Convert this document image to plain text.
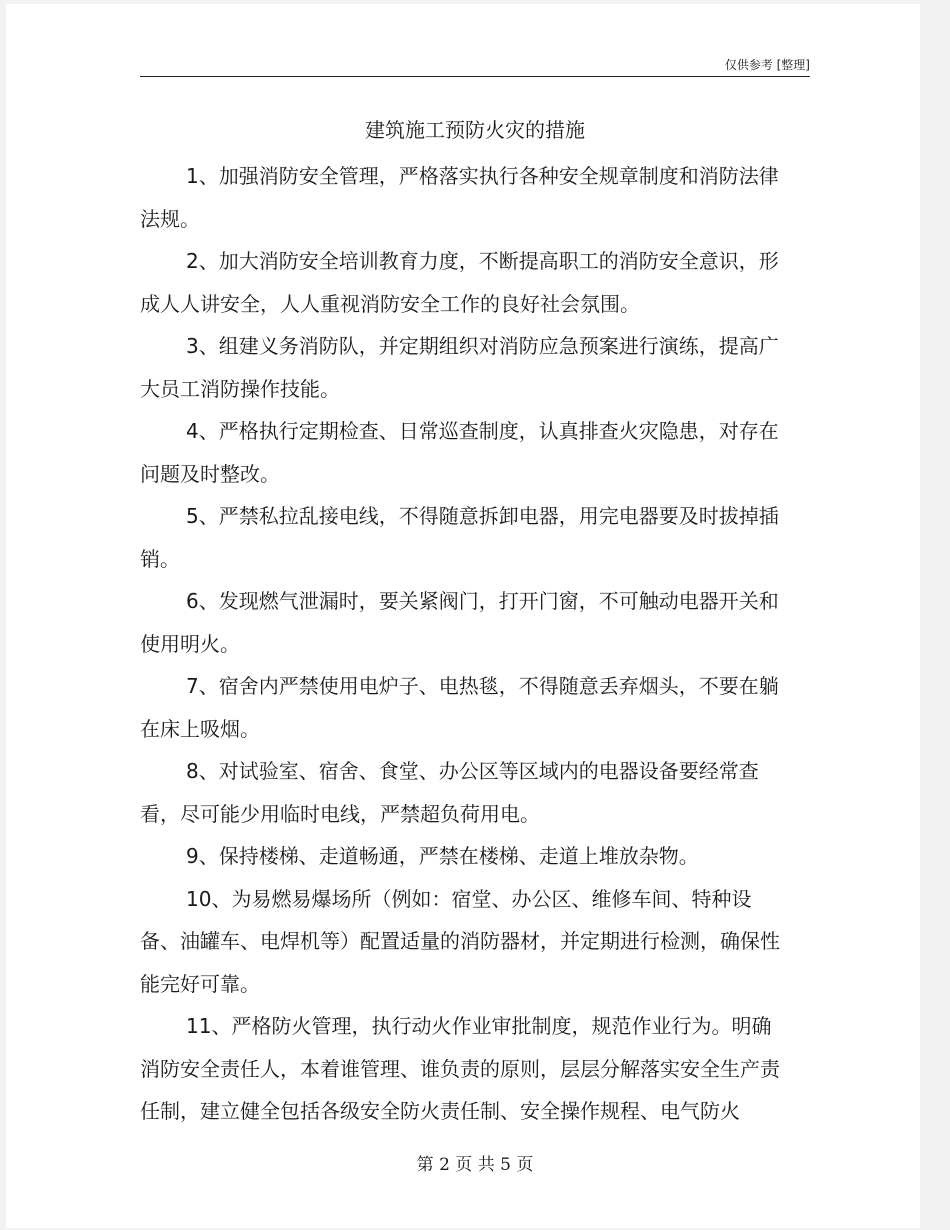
仅供参考 [整理]
建筑施工预防火灾的措施

1、加强消防安全管理，严格落实执行各种安全规章制度和消防法律法规。

2、加大消防安全培训教育力度，不断提高职工的消防安全意识，形成人人讲安全，人人重视消防安全工作的良好社会氛围。

3、组建义务消防队，并定期组织对消防应急预案进行演练，提高广大员工消防操作技能。

4、严格执行定期检查、日常巡查制度，认真排查火灾隐患，对存在问题及时整改。

5、严禁私拉乱接电线，不得随意拆卸电器，用完电器要及时拔掉插销。

6、发现燃气泄漏时，要关紧阀门，打开门窗，不可触动电器开关和使用明火。

7、宿舍内严禁使用电炉子、电热毯，不得随意丢弃烟头，不要在躺在床上吸烟。

8、对试验室、宿舍、食堂、办公区等区域内的电器设备要经常查看，尽可能少用临时电线，严禁超负荷用电。

9、保持楼梯、走道畅通，严禁在楼梯、走道上堆放杂物。

10、为易燃易爆场所（例如：宿堂、办公区、维修车间、特种设备、油罐车、电焊机等）配置适量的消防器材，并定期进行检测，确保性能完好可靠。

11、严格防火管理，执行动火作业审批制度，规范作业行为。明确消防安全责任人，本着谁管理、谁负责的原则，层层分解落实安全生产责任制，建立健全包括各级安全防火责任制、安全操作规程、电气防火

第 2 页 共 5 页
